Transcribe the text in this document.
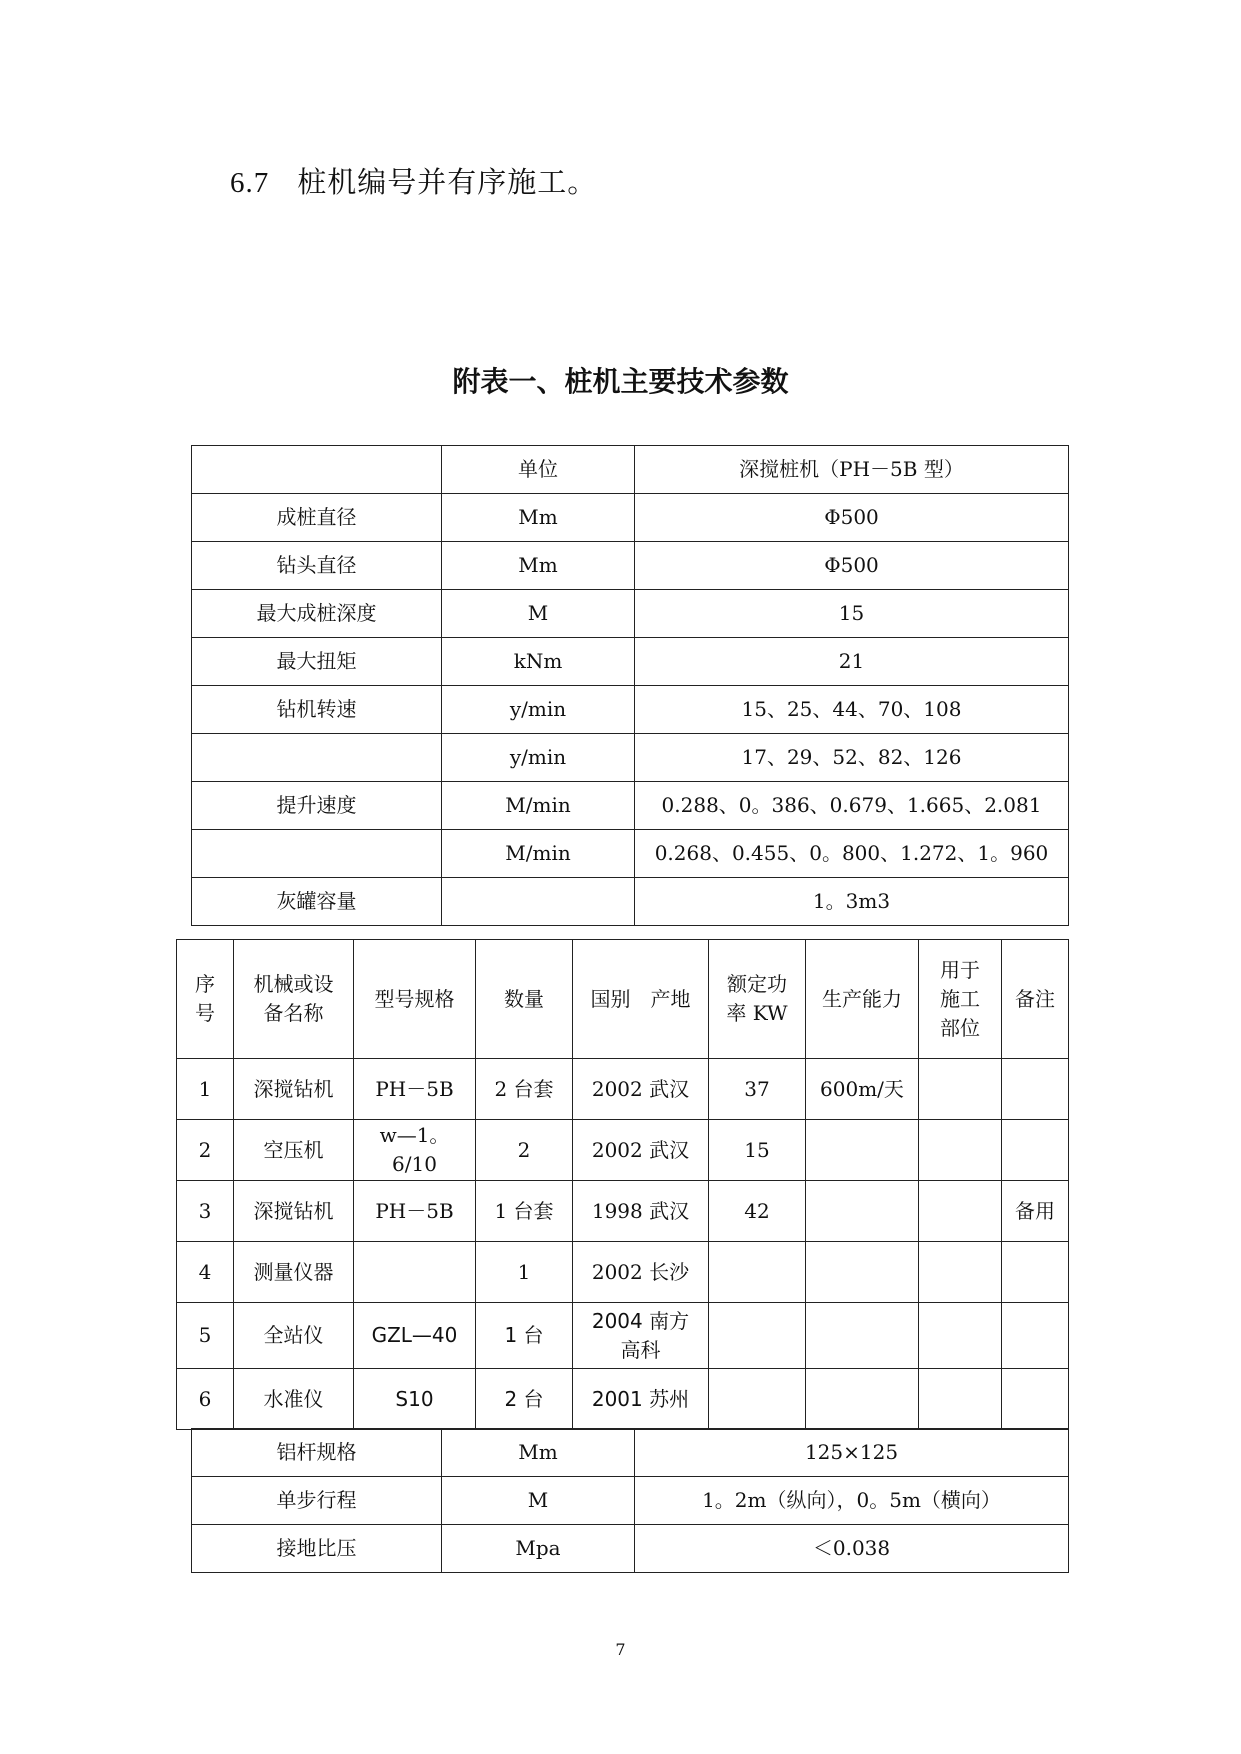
6.7 桩机编号并有序施工。
附表一、桩机主要技术参数
	单位	深搅桩机（PH－5B 型）
成桩直径	Mm	Φ500
钻头直径	Mm	Φ500
最大成桩深度	M	15
最大扭矩	kNm	21
钻机转速	y/min	15、25、44、70、108
	y/min	17、29、52、82、126
提升速度	M/min	0.288、0。386、0.679、1.665、2.081
	M/min	0.268、0.455、0。800、1.272、1。960
灰罐容量		1。3m3
序号	机械或设备名称	型号规格	数量	国别　产地	额定功率 KW	生产能力	用于施工部位	备注
1	深搅钻机	PH－5B	2 台套	2002 武汉	37	600m/天		
2	空压机	w—1。6/10	2	2002 武汉	15			
3	深搅钻机	PH－5B	1 台套	1998 武汉	42			备用
4	测量仪器		1	2002 长沙				
5	全站仪	GZL—40	1 台	2004 南方高科				
6	水准仪	S10	2 台	2001 苏州				
铝杆规格	Mm	125×125
单步行程	M	1。2m（纵向），0。5m（横向）
接地比压	Mpa	＜0.038
7
